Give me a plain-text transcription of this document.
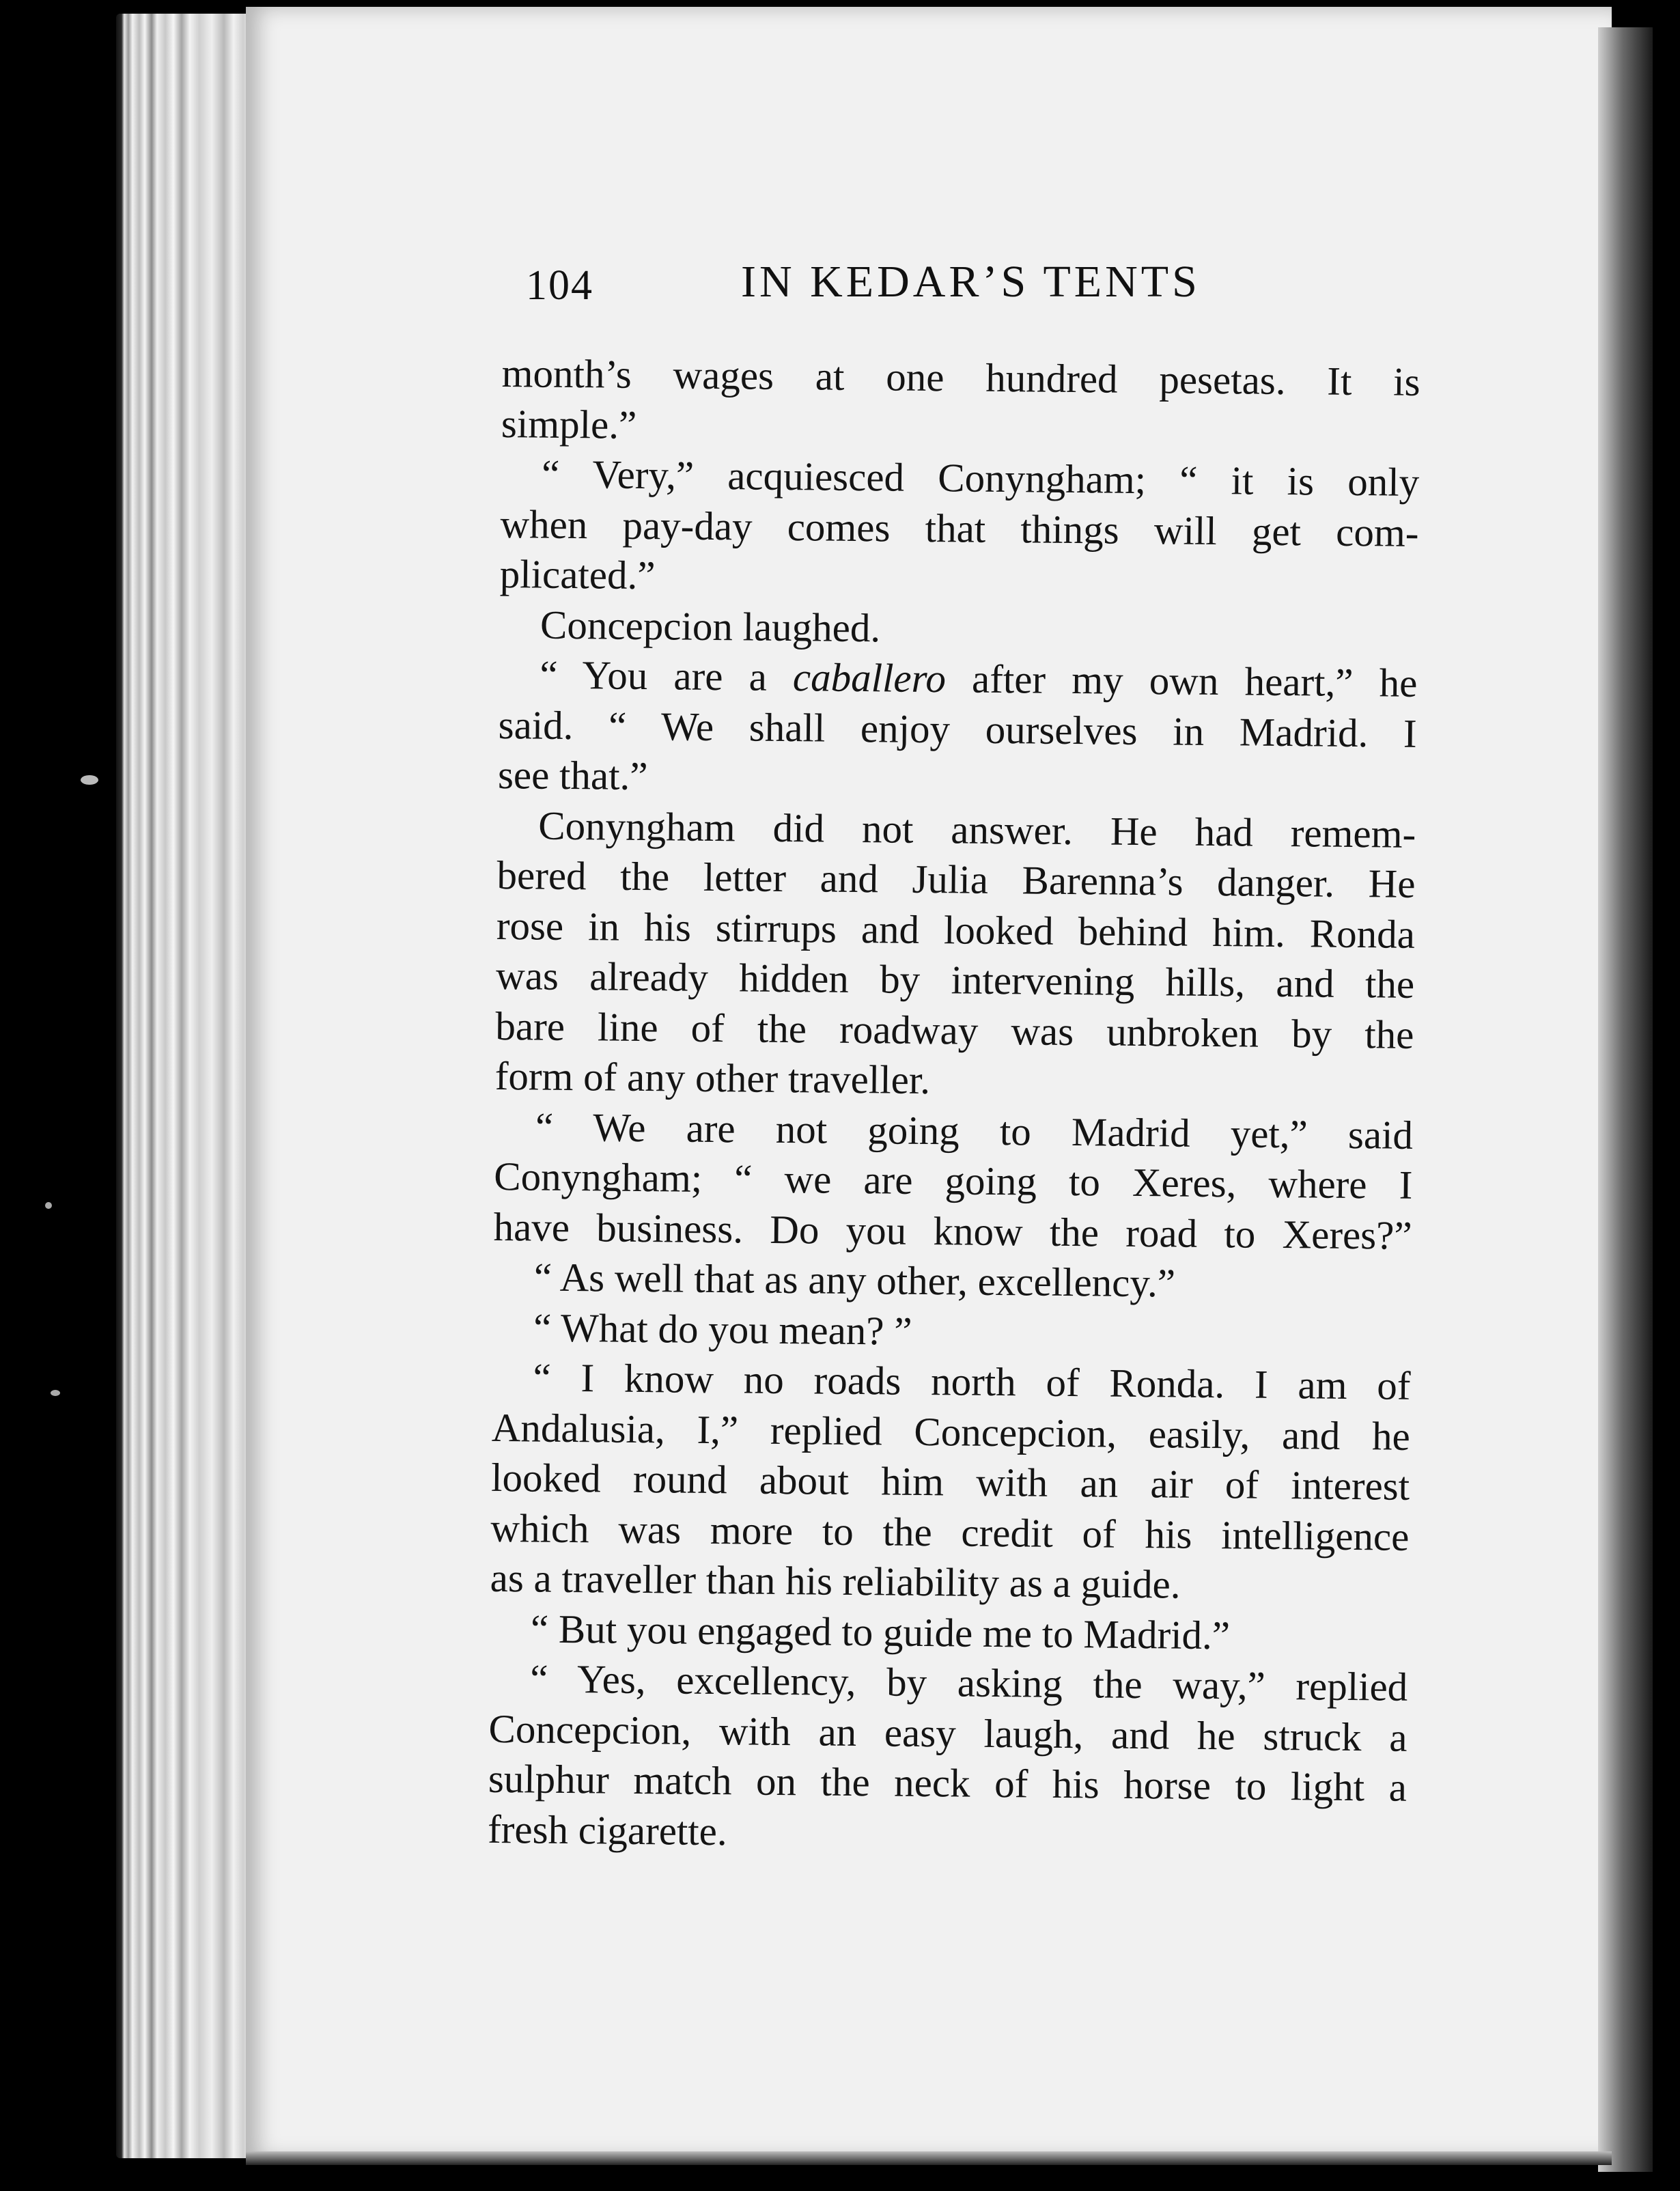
104	IN KEDAR’S TENTS
month’s wages at one hundred pesetas. It is
simple.”
“ Very,” acquiesced Conyngham; “ it is only
when pay-day comes that things will get com-
plicated.”
Concepcion laughed.
“ You are a caballero after my own heart,” he
said. “ We shall enjoy ourselves in Madrid. I
see that.”
Conyngham did not answer. He had remem-
bered the letter and Julia Barenna’s danger. He
rose in his stirrups and looked behind him. Ronda
was already hidden by intervening hills, and the
bare line of the roadway was unbroken by the
form of any other traveller.
“ We are not going to Madrid yet,” said
Conyngham; “ we are going to Xeres, where I
have business. Do you know the road to Xeres?”
“ As well that as any other, excellency.”
“ What do you mean? ”
“ I know no roads north of Ronda. I am of
Andalusia, I,” replied Concepcion, easily, and he
looked round about him with an air of interest
which was more to the credit of his intelligence
as a traveller than his reliability as a guide.
“ But you engaged to guide me to Madrid.”
“ Yes, excellency, by asking the way,” replied
Concepcion, with an easy laugh, and he struck a
sulphur match on the neck of his horse to light a
fresh cigarette.
